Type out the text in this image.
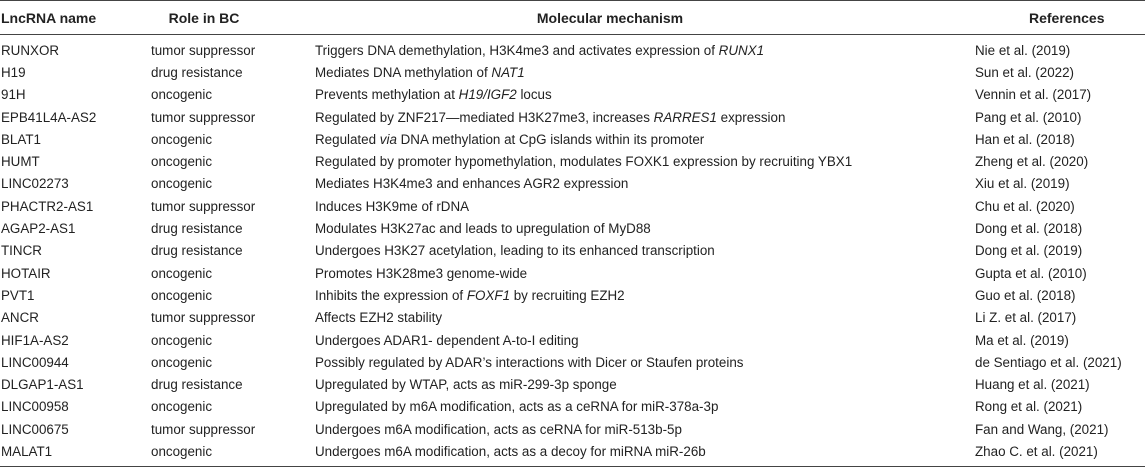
LncRNA name	Role in BC	Molecular mechanism	References
RUNXOR	tumor suppressor	Triggers DNA demethylation, H3K4me3 and activates expression of RUNX1	Nie et al. (2019)
H19	drug resistance	Mediates DNA methylation of NAT1	Sun et al. (2022)
91H	oncogenic	Prevents methylation at H19/IGF2 locus	Vennin et al. (2017)
EPB41L4A-AS2	tumor suppressor	Regulated by ZNF217—mediated H3K27me3, increases RARRES1 expression	Pang et al. (2010)
BLAT1	oncogenic	Regulated via DNA methylation at CpG islands within its promoter	Han et al. (2018)
HUMT	oncogenic	Regulated by promoter hypomethylation, modulates FOXK1 expression by recruiting YBX1	Zheng et al. (2020)
LINC02273	oncogenic	Mediates H3K4me3 and enhances AGR2 expression	Xiu et al. (2019)
PHACTR2-AS1	tumor suppressor	Induces H3K9me of rDNA	Chu et al. (2020)
AGAP2-AS1	drug resistance	Modulates H3K27ac and leads to upregulation of MyD88	Dong et al. (2018)
TINCR	drug resistance	Undergoes H3K27 acetylation, leading to its enhanced transcription	Dong et al. (2019)
HOTAIR	oncogenic	Promotes H3K28me3 genome-wide	Gupta et al. (2010)
PVT1	oncogenic	Inhibits the expression of FOXF1 by recruiting EZH2	Guo et al. (2018)
ANCR	tumor suppressor	Affects EZH2 stability	Li Z. et al. (2017)
HIF1A-AS2	oncogenic	Undergoes ADAR1- dependent A-to-I editing	Ma et al. (2019)
LINC00944	oncogenic	Possibly regulated by ADAR’s interactions with Dicer or Staufen proteins	de Sentiago et al. (2021)
DLGAP1-AS1	drug resistance	Upregulated by WTAP, acts as miR-299-3p sponge	Huang et al. (2021)
LINC00958	oncogenic	Upregulated by m6A modification, acts as a ceRNA for miR-378a-3p	Rong et al. (2021)
LINC00675	tumor suppressor	Undergoes m6A modification, acts as ceRNA for miR-513b-5p	Fan and Wang, (2021)
MALAT1	oncogenic	Undergoes m6A modification, acts as a decoy for miRNA miR-26b	Zhao C. et al. (2021)
